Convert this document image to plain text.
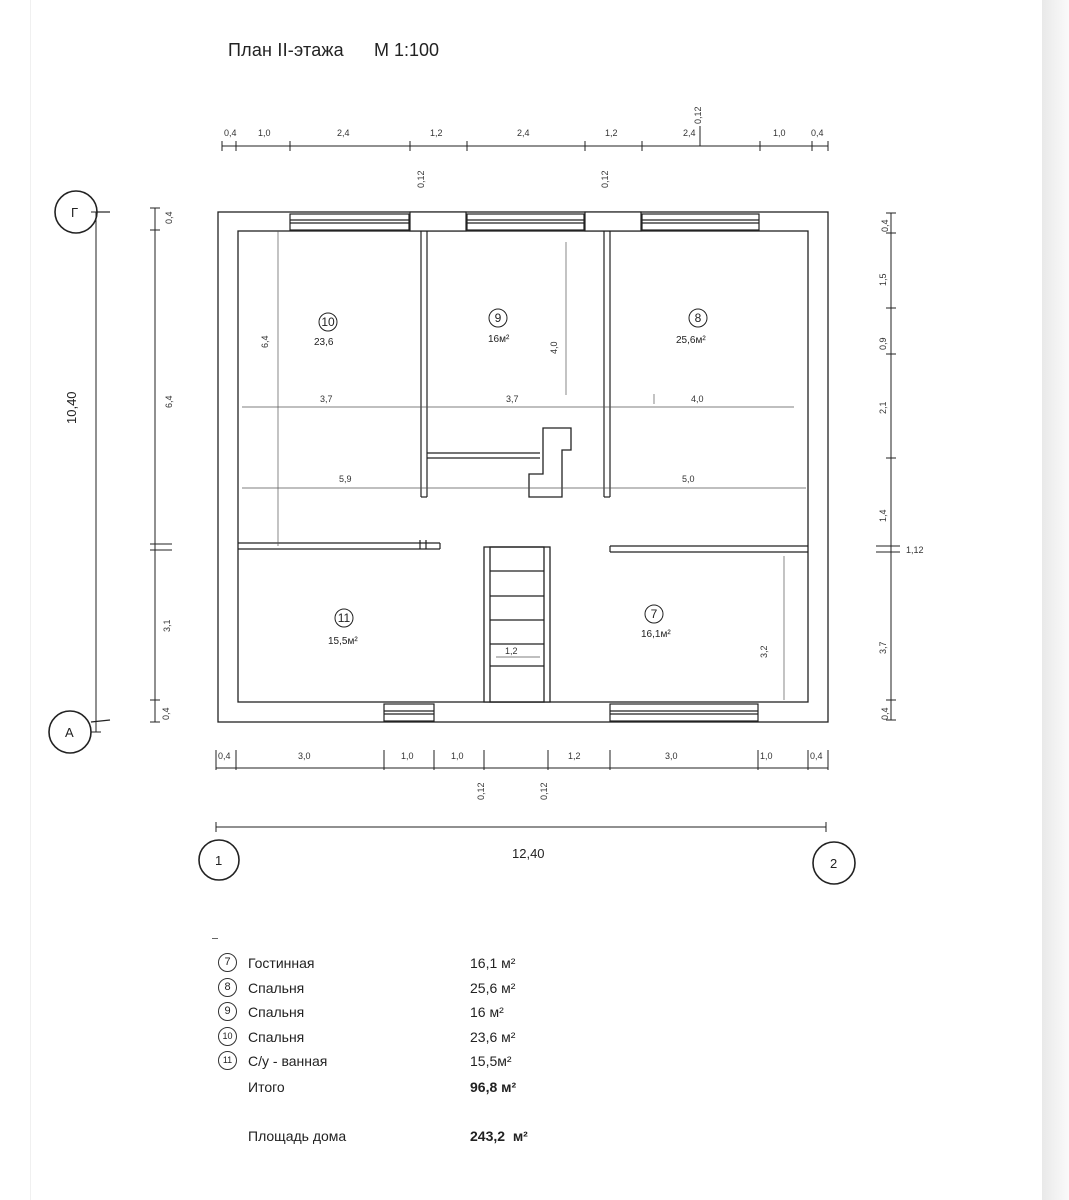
План II-этажа М 1:100
0,4 1,0	2,4	1,2	2,4	1,2	2,4	1,0	0,4
0,12
0,12	0,12
0,4	3,0	1,0	1,0	1,2	3,0	1,0	0,4
0,12	0,12
10,40
0,4
6,4
3,1
0,4
0,4
1,5
0,9
2,1
1,4
1,12
3,7
0,4
12,40
Г
А
1	2
6,4	4,0
3,2
3,7	3,7	4,0
5,9	5,0
1,2
10
23,6
9
16м²
8
25,6м²
11
15,5м²
7
16,1м²
7	Гостинная	16,1 м²
8	Спальня	25,6 м²
9	Спальня	16 м²
10	Спальня	23,6 м²
11	С/у - ванная	15,5м²
Итого	96,8 м²
Площадь дома	243,2  м²
